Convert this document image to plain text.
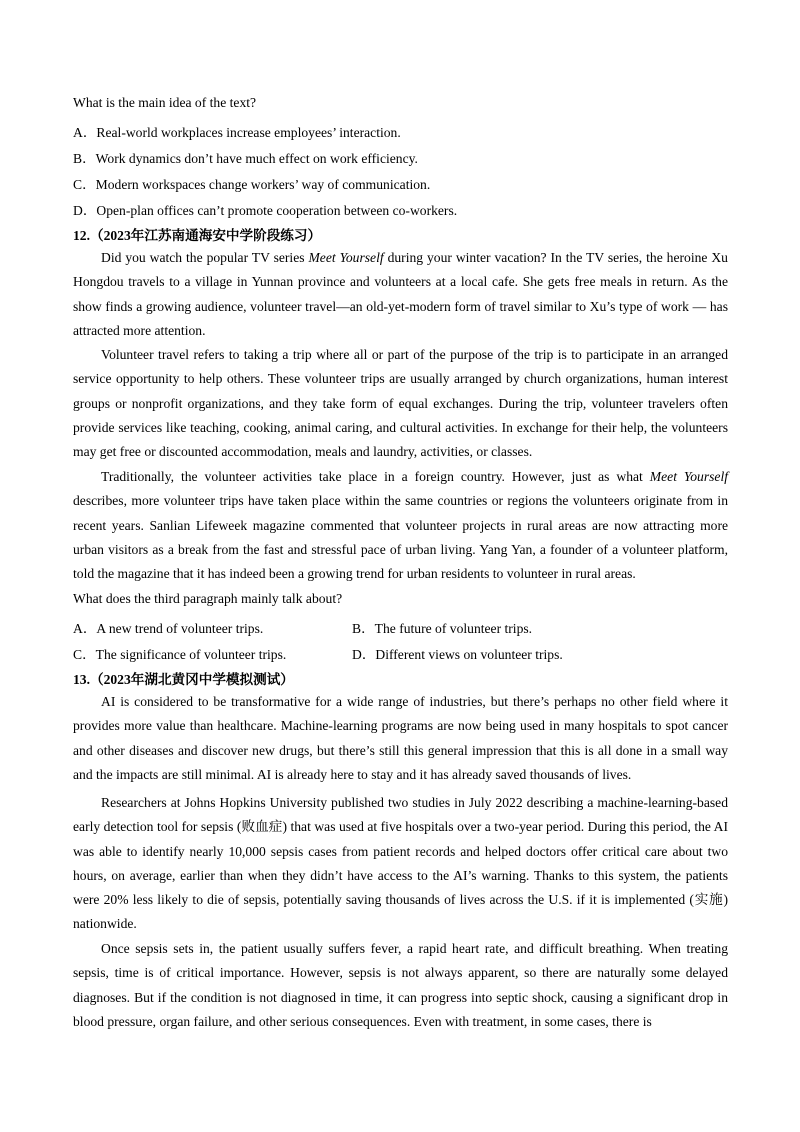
What is the main idea of the text?
A．Real-world workplaces increase employees’ interaction.
B．Work dynamics don’t have much effect on work efficiency.
C．Modern workspaces change workers’ way of communication.
D．Open-plan offices can’t promote cooperation between co-workers.
12.（2023年江苏南通海安中学阶段练习）
Did you watch the popular TV series Meet Yourself during your winter vacation? In the TV series, the heroine Xu Hongdou travels to a village in Yunnan province and volunteers at a local cafe. She gets free meals in return. As the show finds a growing audience, volunteer travel—an old-yet-modern form of travel similar to Xu’s type of work — has attracted more attention.
Volunteer travel refers to taking a trip where all or part of the purpose of the trip is to participate in an arranged service opportunity to help others. These volunteer trips are usually arranged by church organizations, human interest groups or nonprofit organizations, and they take form of equal exchanges. During the trip, volunteer travelers often provide services like teaching, cooking, animal caring, and cultural activities. In exchange for their help, the volunteers may get free or discounted accommodation, meals and laundry, activities, or classes.
Traditionally, the volunteer activities take place in a foreign country. However, just as what Meet Yourself describes, more volunteer trips have taken place within the same countries or regions the volunteers originate from in recent years. Sanlian Lifeweek magazine commented that volunteer projects in rural areas are now attracting more urban visitors as a break from the fast and stressful pace of urban living. Yang Yan, a founder of a volunteer platform, told the magazine that it has indeed been a growing trend for urban residents to volunteer in rural areas.
What does the third paragraph mainly talk about?
A．A new trend of volunteer trips.	B．The future of volunteer trips.
C．The significance of volunteer trips.	D．Different views on volunteer trips.
13.（2023年湖北黄冈中学模拟测试）
AI is considered to be transformative for a wide range of industries, but there’s perhaps no other field where it provides more value than healthcare. Machine-learning programs are now being used in many hospitals to spot cancer and other diseases and discover new drugs, but there’s still this general impression that this is all done in a small way and the impacts are still minimal. AI is already here to stay and it has already saved thousands of lives.
Researchers at Johns Hopkins University published two studies in July 2022 describing a machine-learning-based early detection tool for sepsis (败血症) that was used at five hospitals over a two-year period. During this period, the AI was able to identify nearly 10,000 sepsis cases from patient records and helped doctors offer critical care about two hours, on average, earlier than when they didn’t have access to the AI’s warning. Thanks to this system, the patients were 20% less likely to die of sepsis, potentially saving thousands of lives across the U.S. if it is implemented (实施) nationwide.
Once sepsis sets in, the patient usually suffers fever, a rapid heart rate, and difficult breathing. When treating sepsis, time is of critical importance. However, sepsis is not always apparent, so there are naturally some delayed diagnoses. But if the condition is not diagnosed in time, it can progress into septic shock, causing a significant drop in blood pressure, organ failure, and other serious consequences. Even with treatment, in some cases, there is
